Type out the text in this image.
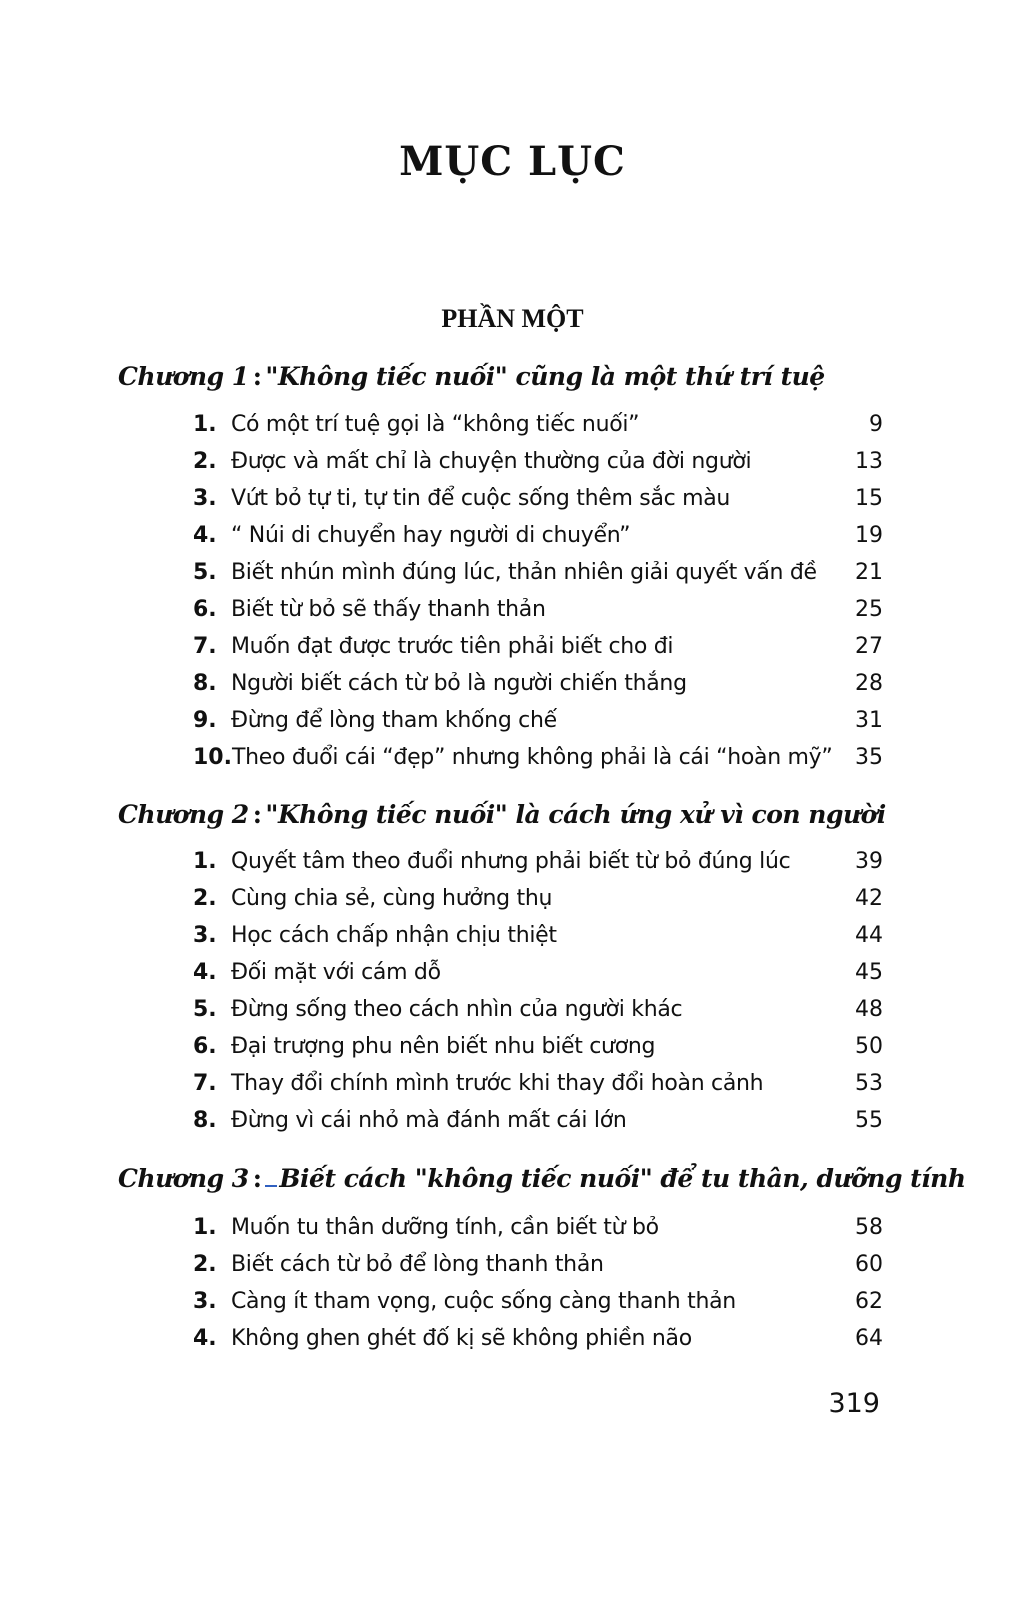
MỤC LỤC
PHẦN MỘT
Chương 1 : "Không tiếc nuối" cũng là một thứ trí tuệ
1. Có một trí tuệ gọi là “không tiếc nuối”	9
2. Được và mất chỉ là chuyện thường của đời người	13
3. Vứt bỏ tự ti, tự tin để cuộc sống thêm sắc màu	15
4. “ Núi di chuyển hay người di chuyển”	19
5. Biết nhún mình đúng lúc, thản nhiên giải quyết vấn đề	21
6. Biết từ bỏ sẽ thấy thanh thản	25
7. Muốn đạt được trước tiên phải biết cho đi	27
8. Người biết cách từ bỏ là người chiến thắng	28
9. Đừng để lòng tham khống chế	31
10. Theo đuổi cái “đẹp” nhưng không phải là cái “hoàn mỹ”	35
Chương 2 : "Không tiếc nuối" là cách ứng xử vì con người
1. Quyết tâm theo đuổi nhưng phải biết từ bỏ đúng lúc	39
2. Cùng chia sẻ, cùng hưởng thụ	42
3. Học cách chấp nhận chịu thiệt	44
4. Đối mặt với cám dỗ	45
5. Đừng sống theo cách nhìn của người khác	48
6. Đại trượng phu nên biết nhu biết cương	50
7. Thay đổi chính mình trước khi thay đổi hoàn cảnh	53
8. Đừng vì cái nhỏ mà đánh mất cái lớn	55
Chương 3 : Biết cách "không tiếc nuối" để tu thân, dưỡng tính
1. Muốn tu thân dưỡng tính, cần biết từ bỏ	58
2. Biết cách từ bỏ để lòng thanh thản	60
3. Càng ít tham vọng, cuộc sống càng thanh thản	62
4. Không ghen ghét đố kị sẽ không phiền não	64
319
